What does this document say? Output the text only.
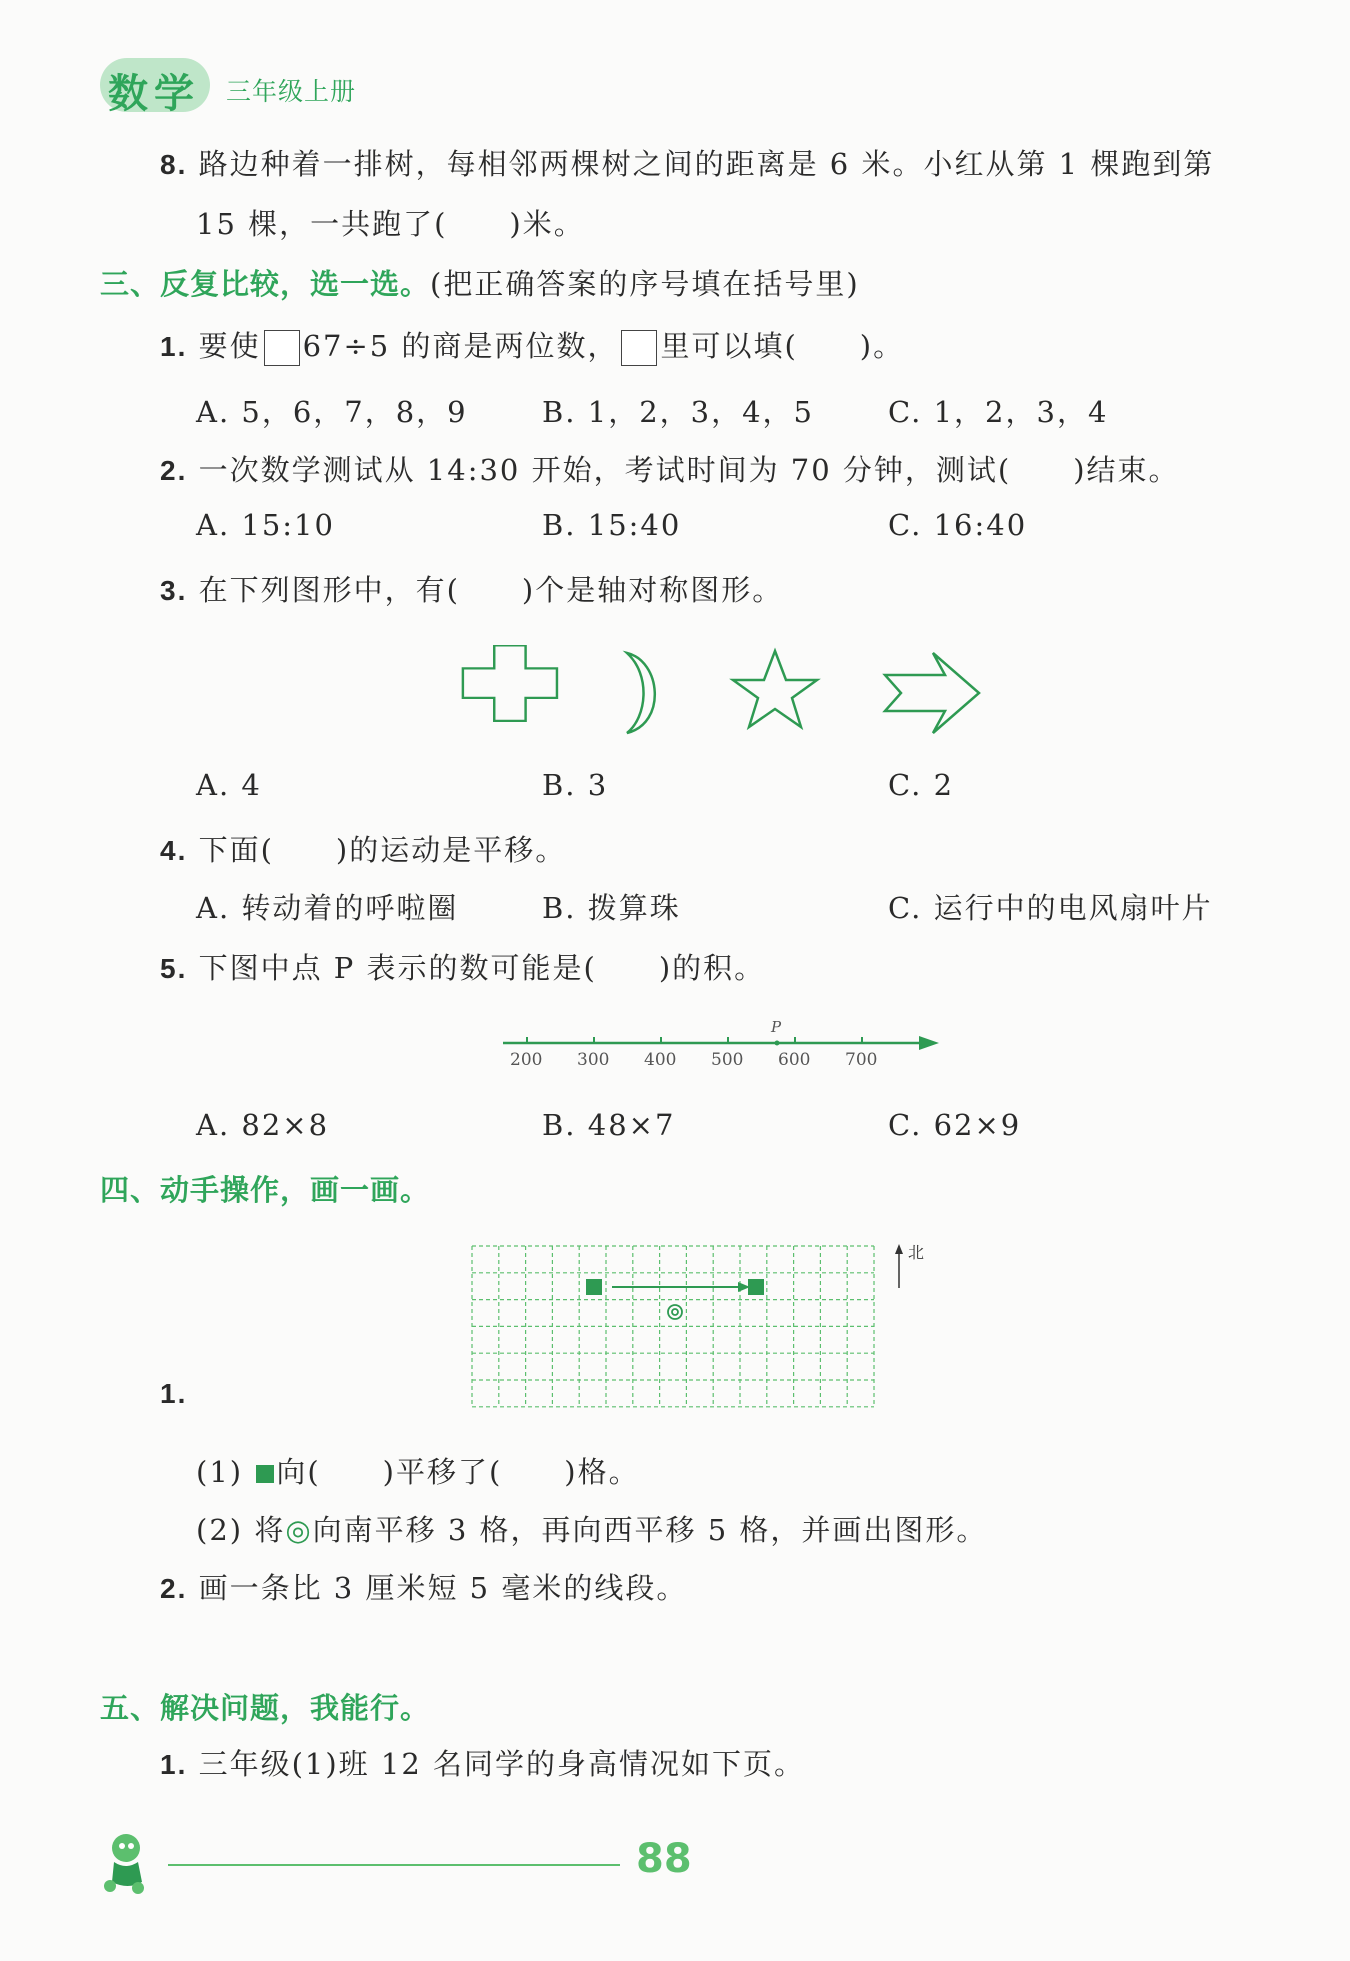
数学 三年级上册
8. 路边种着一排树，每相邻两棵树之间的距离是 6 米。小红从第 1 棵跑到第
15 棵，一共跑了(　　)米。
三、反复比较，选一选。(把正确答案的序号填在括号里)
1. 要使 67÷5 的商是两位数， 里可以填(　　)。
A. 5，6，7，8，9	B. 1，2，3，4，5	C. 1，2，3，4
2. 一次数学测试从 14:30 开始，考试时间为 70 分钟，测试(　　)结束。
A. 15:10	B. 15:40	C. 16:40
3. 在下列图形中，有(　　)个是轴对称图形。
A. 4	B. 3	C. 2
4. 下面(　　)的运动是平移。
A. 转动着的呼啦圈	B. 拨算珠	C. 运行中的电风扇叶片
5. 下图中点 P 表示的数可能是(　　)的积。
200 300 400 500 600 700
P
A. 82×8	B. 48×7	C. 62×9
四、动手操作，画一画。
北
1.
(1) 向(　　)平移了(　　)格。
(2) 将◎向南平移 3 格，再向西平移 5 格，并画出图形。
2. 画一条比 3 厘米短 5 毫米的线段。
五、解决问题，我能行。
1. 三年级(1)班 12 名同学的身高情况如下页。
88
